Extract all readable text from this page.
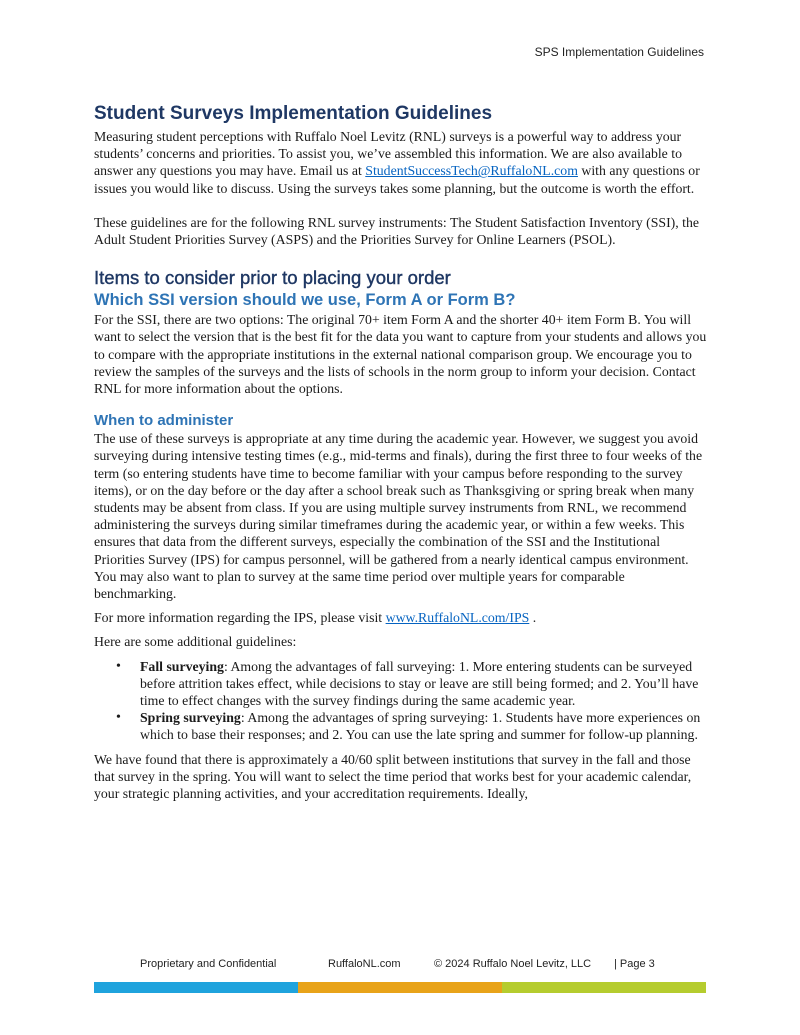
SPS Implementation Guidelines
Student Surveys Implementation Guidelines

Measuring student perceptions with Ruffalo Noel Levitz (RNL) surveys is a powerful way to address your students’ concerns and priorities. To assist you, we’ve assembled this information. We are also available to answer any questions you may have. Email us at StudentSuccessTech@RuffaloNL.com with any questions or issues you would like to discuss. Using the surveys takes some planning, but the outcome is worth the effort.

These guidelines are for the following RNL survey instruments: The Student Satisfaction Inventory (SSI), the Adult Student Priorities Survey (ASPS) and the Priorities Survey for Online Learners (PSOL).

Items to consider prior to placing your order
Which SSI version should we use, Form A or Form B?

For the SSI, there are two options: The original 70+ item Form A and the shorter 40+ item Form B. You will want to select the version that is the best fit for the data you want to capture from your students and allows you to compare with the appropriate institutions in the external national comparison group. We encourage you to review the samples of the surveys and the lists of schools in the norm group to inform your decision. Contact RNL for more information about the options.

When to administer

The use of these surveys is appropriate at any time during the academic year. However, we suggest you avoid surveying during intensive testing times (e.g., mid-terms and finals), during the first three to four weeks of the term (so entering students have time to become familiar with your campus before responding to the survey items), or on the day before or the day after a school break such as Thanksgiving or spring break when many students may be absent from class. If you are using multiple survey instruments from RNL, we recommend administering the surveys during similar timeframes during the academic year, or within a few weeks. This ensures that data from the different surveys, especially the combination of the SSI and the Institutional Priorities Survey (IPS) for campus personnel, will be gathered from a nearly identical campus environment. You may also want to plan to survey at the same time period over multiple years for comparable benchmarking.

For more information regarding the IPS, please visit www.RuffaloNL.com/IPS .

Here are some additional guidelines:

• Fall surveying: Among the advantages of fall surveying: 1. More entering students can be surveyed before attrition takes effect, while decisions to stay or leave are still being formed; and 2. You’ll have time to effect changes with the survey findings during the same academic year.
• Spring surveying: Among the advantages of spring surveying: 1. Students have more experiences on which to base their responses; and 2. You can use the late spring and summer for follow-up planning.

We have found that there is approximately a 40/60 split between institutions that survey in the fall and those that survey in the spring. You will want to select the time period that works best for your academic calendar, your strategic planning activities, and your accreditation requirements. Ideally,

Proprietary and Confidential	RuffaloNL.com	© 2024 Ruffalo Noel Levitz, LLC | Page 3
